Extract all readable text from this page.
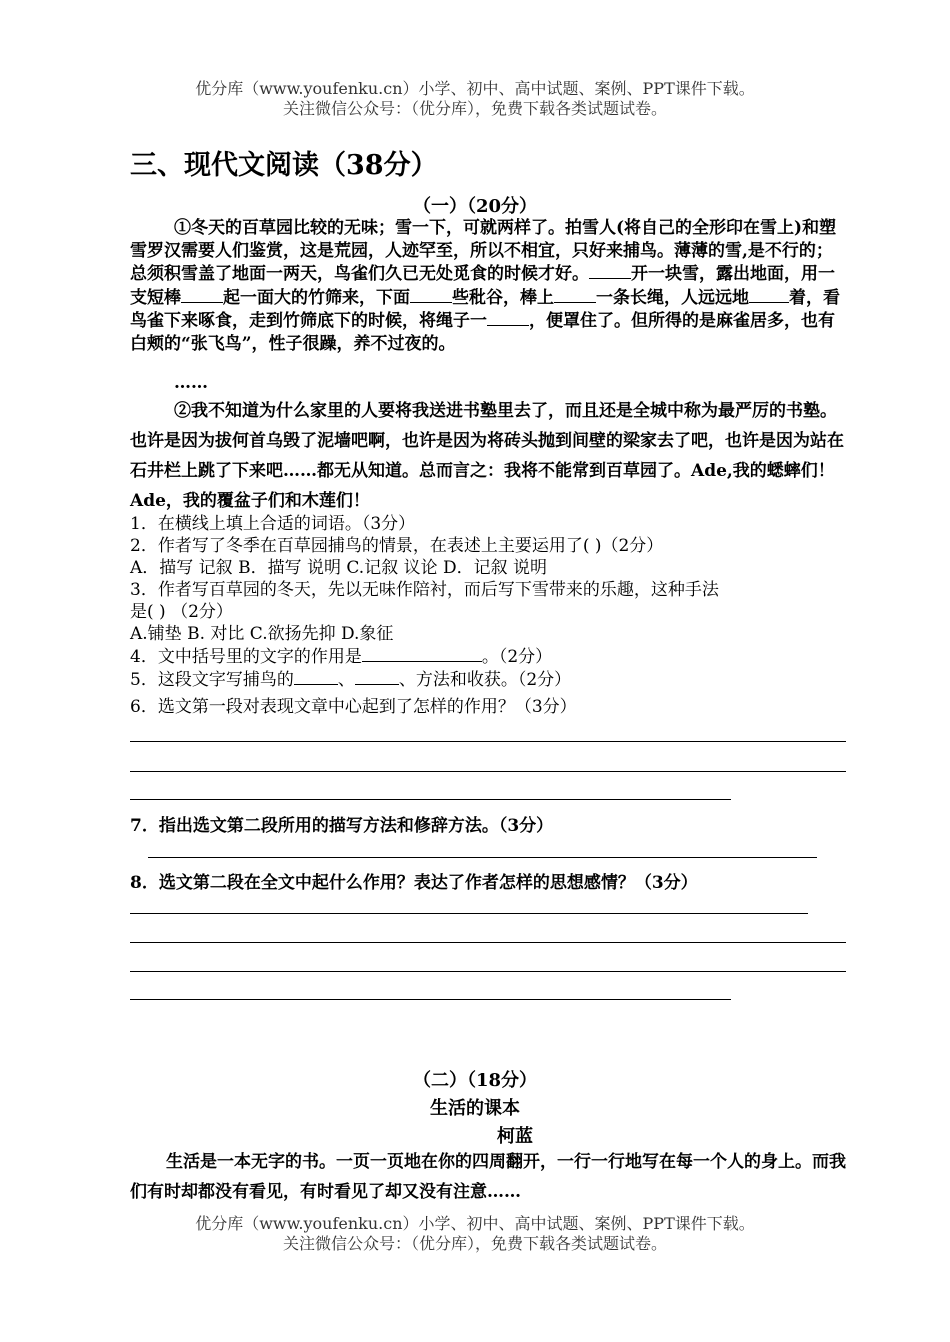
优分库（www.youfenku.cn）小学、初中、高中试题、案例、PPT课件下载。
关注微信公众号：（优分库），免费下载各类试题试卷。
三、现代文阅读（38分）
（一）（20分）
①冬天的百草园比较的无味；雪一下，可就两样了。拍雪人(将自己的全形印在雪上)和塑雪罗汉需要人们鉴赏，这是荒园，人迹罕至，所以不相宜，只好来捕鸟。薄薄的雪,是不行的；总须积雪盖了地面一两天，鸟雀们久已无处觅食的时候才好。 开一块雪，露出地面，用一支短棒 起一面大的竹筛来，下面 些秕谷，棒上 一条长绳，人远远地 着，看鸟雀下来啄食，走到竹筛底下的时候，将绳子一 ，便罩住了。但所得的是麻雀居多，也有白颊的“张飞鸟”，性子很躁，养不过夜的。
……
②我不知道为什么家里的人要将我送进书塾里去了，而且还是全城中称为最严厉的书塾。也许是因为拔何首乌毁了泥墙吧啊，也许是因为将砖头抛到间壁的梁家去了吧，也许是因为站在石井栏上跳了下来吧……都无从知道。总而言之：我将不能常到百草园了。Ade,我的蟋蟀们！Ade，我的覆盆子们和木莲们！
1．在横线上填上合适的词语。（3分）
2．作者写了冬季在百草园捕鸟的情景，在表述上主要运用了( )（2分）
A．描写 记叙 B．描写 说明 C.记叙 议论 D．记叙 说明
3．作者写百草园的冬天，先以无味作陪衬，而后写下雪带来的乐趣，这种手法
是( ) （2分）
A.铺垫 B. 对比 C.欲扬先抑 D.象征
4．文中括号里的文字的作用是	。（2分）
5．这段文字写捕鸟的	、	、方法和收获。（2分）
6．选文第一段对表现文章中心起到了怎样的作用？（3分）
7．指出选文第二段所用的描写方法和修辞方法。（3分）
8．选文第二段在全文中起什么作用？表达了作者怎样的思想感情？（3分）
（二）（18分）
生活的课本
柯蓝
生活是一本无字的书。一页一页地在你的四周翻开，一行一行地写在每一个人的身上。而我们有时却都没有看见，有时看见了却又没有注意……
优分库（www.youfenku.cn）小学、初中、高中试题、案例、PPT课件下载。
关注微信公众号：（优分库），免费下载各类试题试卷。
